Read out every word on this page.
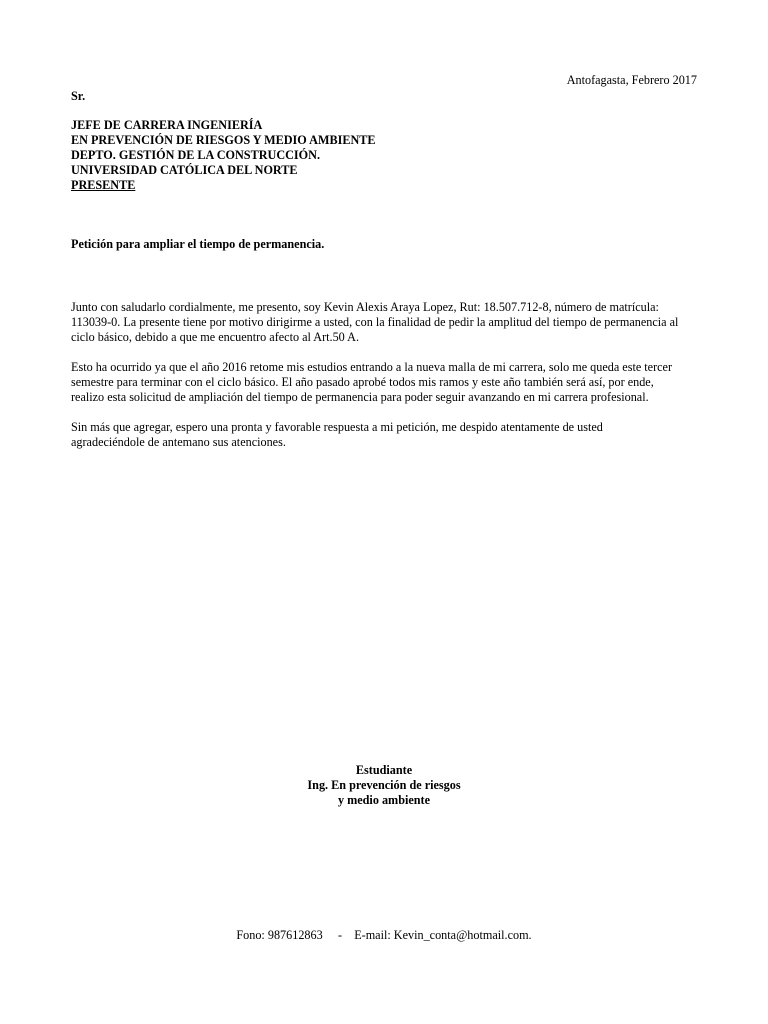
Antofagasta, Febrero 2017
Sr.
JEFE DE CARRERA INGENIERÍA
EN PREVENCIÓN DE RIESGOS Y MEDIO AMBIENTE
DEPTO. GESTIÓN DE LA CONSTRUCCIÓN.
UNIVERSIDAD CATÓLICA DEL NORTE
PRESENTE
Petición para ampliar el tiempo de permanencia.

Junto con saludarlo cordialmente, me presento, soy Kevin Alexis Araya Lopez, Rut: 18.507.712-8, número de matrícula:

113039-0. La presente tiene por motivo dirigirme a usted, con la finalidad de pedir la amplitud del tiempo de permanencia al

ciclo básico, debido a que me encuentro afecto al Art.50 A.

Esto ha ocurrido ya que el año 2016 retome mis estudios entrando a la nueva malla de mi carrera, solo me queda este tercer

semestre para terminar con el ciclo básico. El año pasado aprobé todos mis ramos y este año también será así, por ende,

realizo esta solicitud de ampliación del tiempo de permanencia para poder seguir avanzando en mi carrera profesional.

Sin más que agregar, espero una pronta y favorable respuesta a mi petición, me despido atentamente de usted

agradeciéndole de antemano sus atenciones.

Estudiante
Ing. En prevención de riesgos
y medio ambiente
Fono: 987612863 - E-mail: Kevin_conta@hotmail.com.
